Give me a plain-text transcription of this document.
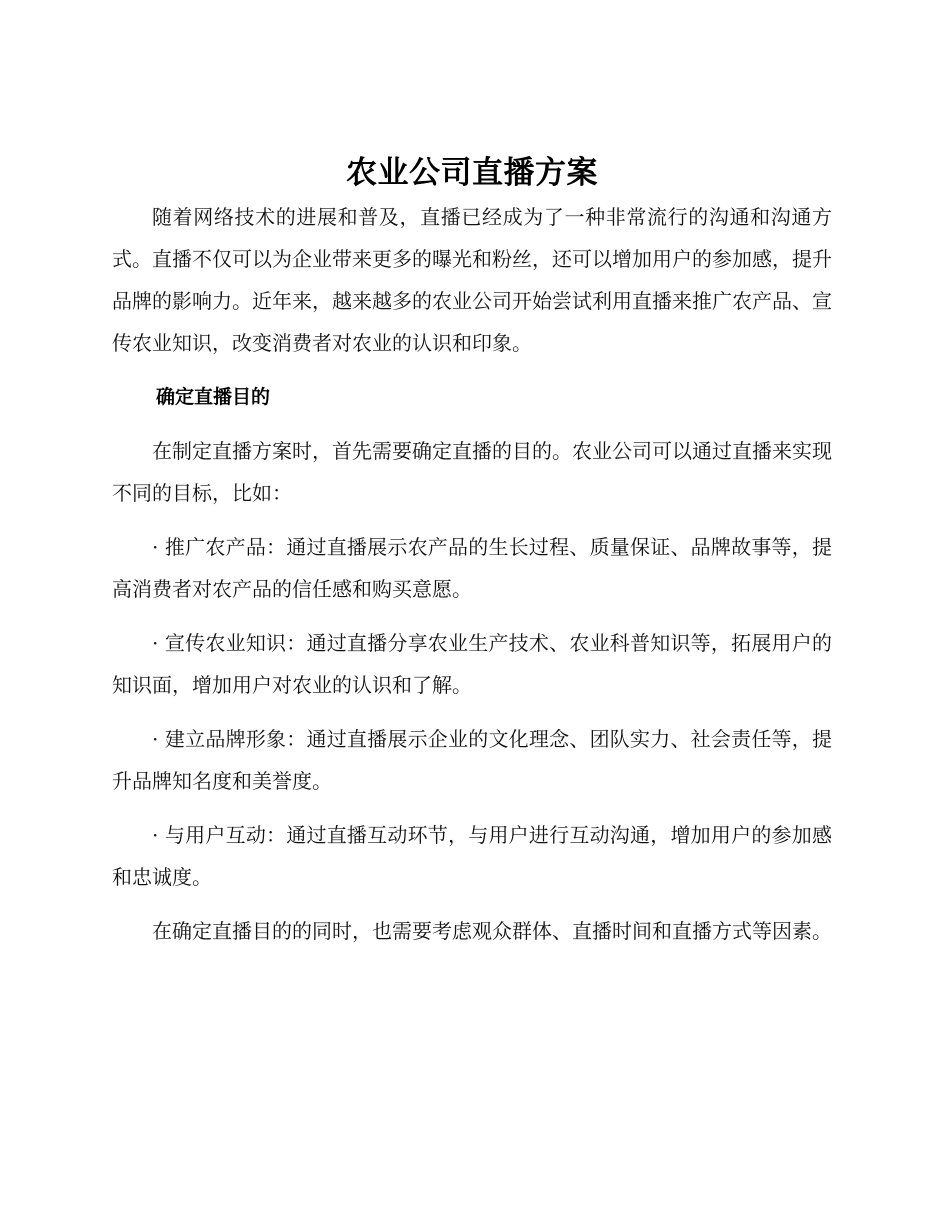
农业公司直播方案

随着网络技术的进展和普及，直播已经成为了一种非常流行的沟通和沟通方式。直播不仅可以为企业带来更多的曝光和粉丝，还可以增加用户的参加感，提升品牌的影响力。近年来，越来越多的农业公司开始尝试利用直播来推广农产品、宣传农业知识，改变消费者对农业的认识和印象。

确定直播目的

在制定直播方案时，首先需要确定直播的目的。农业公司可以通过直播来实现不同的目标，比如：

· 推广农产品：通过直播展示农产品的生长过程、质量保证、品牌故事等，提高消费者对农产品的信任感和购买意愿。

· 宣传农业知识：通过直播分享农业生产技术、农业科普知识等，拓展用户的知识面，增加用户对农业的认识和了解。

· 建立品牌形象：通过直播展示企业的文化理念、团队实力、社会责任等，提升品牌知名度和美誉度。

· 与用户互动：通过直播互动环节，与用户进行互动沟通，增加用户的参加感和忠诚度。

在确定直播目的的同时，也需要考虑观众群体、直播时间和直播方式等因素。
